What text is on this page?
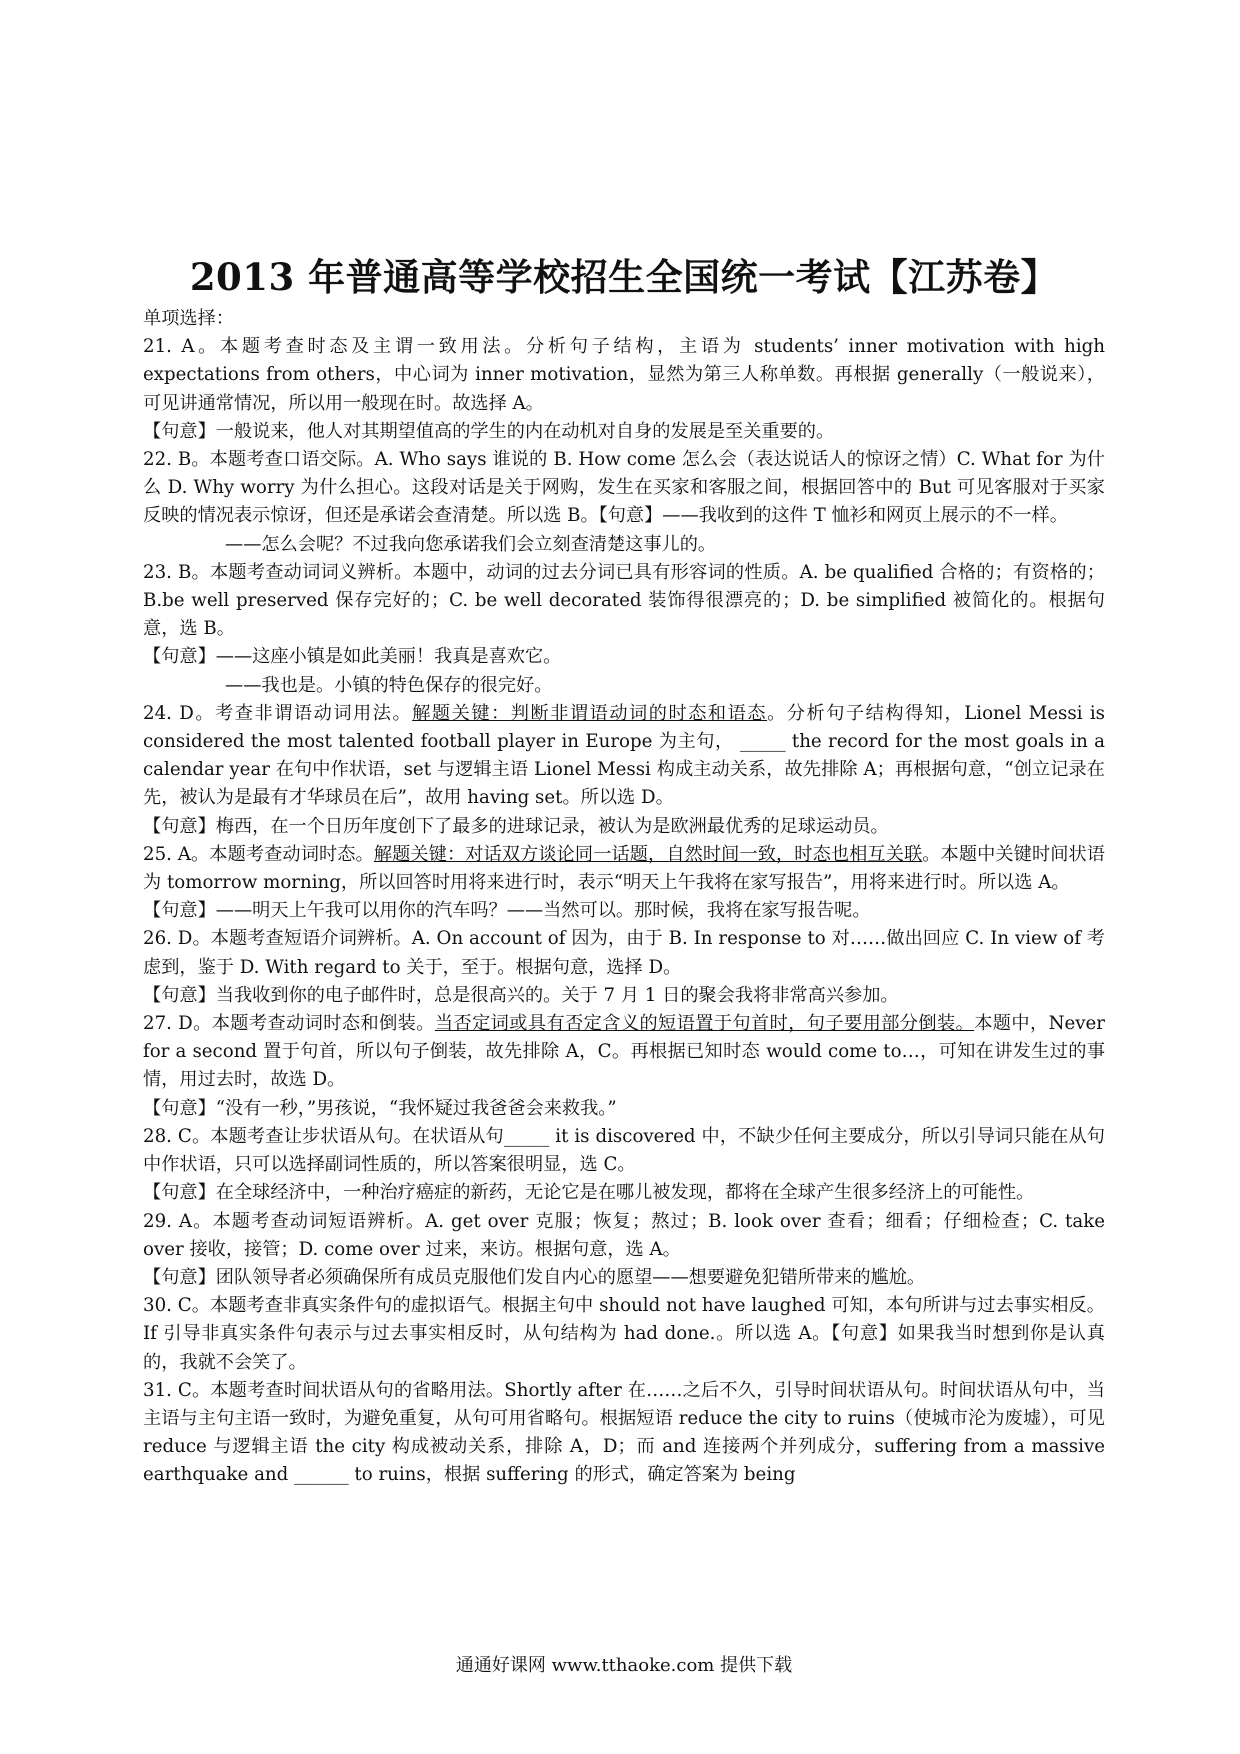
2013 年普通高等学校招生全国统一考试【江苏卷】

单项选择：

21. A。本题考查时态及主谓一致用法。分析句子结构，主语为 students’ inner motivation with high expectations from others，中心词为 inner motivation，显然为第三人称单数。再根据 generally（一般说来），可见讲通常情况，所以用一般现在时。故选择 A。

【句意】一般说来，他人对其期望值高的学生的内在动机对自身的发展是至关重要的。

22. B。本题考查口语交际。A. Who says 谁说的 B. How come 怎么会（表达说话人的惊讶之情）C. What for 为什么 D. Why worry 为什么担心。这段对话是关于网购，发生在买家和客服之间，根据回答中的 But 可见客服对于买家反映的情况表示惊讶，但还是承诺会查清楚。所以选 B。【句意】——我收到的这件 T 恤衫和网页上展示的不一样。

——怎么会呢？不过我向您承诺我们会立刻查清楚这事儿的。

23. B。本题考查动词词义辨析。本题中，动词的过去分词已具有形容词的性质。A. be qualified 合格的；有资格的；B.be well preserved 保存完好的；C. be well decorated 装饰得很漂亮的；D. be simplified 被简化的。根据句意，选 B。

【句意】——这座小镇是如此美丽！我真是喜欢它。

——我也是。小镇的特色保存的很完好。

24. D。考查非谓语动词用法。解题关键：判断非谓语动词的时态和语态。分析句子结构得知，Lionel Messi is considered the most talented football player in Europe 为主句， _____ the record for the most goals in a calendar year 在句中作状语，set 与逻辑主语 Lionel Messi 构成主动关系，故先排除 A；再根据句意，“创立记录在先，被认为是最有才华球员在后”，故用 having set。所以选 D。

【句意】梅西，在一个日历年度创下了最多的进球记录，被认为是欧洲最优秀的足球运动员。

25. A。本题考查动词时态。解题关键：对话双方谈论同一话题，自然时间一致，时态也相互关联。本题中关键时间状语为 tomorrow morning，所以回答时用将来进行时，表示“明天上午我将在家写报告”，用将来进行时。所以选 A。

【句意】——明天上午我可以用你的汽车吗？——当然可以。那时候，我将在家写报告呢。

26. D。本题考查短语介词辨析。A. On account of 因为，由于 B. In response to 对……做出回应 C. In view of 考虑到，鉴于 D. With regard to 关于，至于。根据句意，选择 D。

【句意】当我收到你的电子邮件时，总是很高兴的。关于 7 月 1 日的聚会我将非常高兴参加。

27. D。本题考查动词时态和倒装。当否定词或具有否定含义的短语置于句首时，句子要用部分倒装。本题中，Never for a second 置于句首，所以句子倒装，故先排除 A，C。再根据已知时态 would come to…，可知在讲发生过的事情，用过去时，故选 D。

【句意】“没有一秒，”男孩说，“我怀疑过我爸爸会来救我。”

28. C。本题考查让步状语从句。在状语从句_____ it is discovered 中，不缺少任何主要成分，所以引导词只能在从句中作状语，只可以选择副词性质的，所以答案很明显，选 C。

【句意】在全球经济中，一种治疗癌症的新药，无论它是在哪儿被发现，都将在全球产生很多经济上的可能性。

29. A。本题考查动词短语辨析。A. get over 克服；恢复；熬过；B. look over 查看；细看；仔细检查；C. take over 接收，接管；D. come over 过来，来访。根据句意，选 A。

【句意】团队领导者必须确保所有成员克服他们发自内心的愿望——想要避免犯错所带来的尴尬。

30. C。本题考查非真实条件句的虚拟语气。根据主句中 should not have laughed 可知，本句所讲与过去事实相反。If 引导非真实条件句表示与过去事实相反时，从句结构为 had done.。所以选 A。【句意】如果我当时想到你是认真的，我就不会笑了。

31. C。本题考查时间状语从句的省略用法。Shortly after 在……之后不久，引导时间状语从句。时间状语从句中，当主语与主句主语一致时，为避免重复，从句可用省略句。根据短语 reduce the city to ruins（使城市沦为废墟），可见 reduce 与逻辑主语 the city 构成被动关系，排除 A，D；而 and 连接两个并列成分，suffering from a massive earthquake and ______ to ruins，根据 suffering 的形式，确定答案为 being

通通好课网 www.tthaoke.com 提供下载
